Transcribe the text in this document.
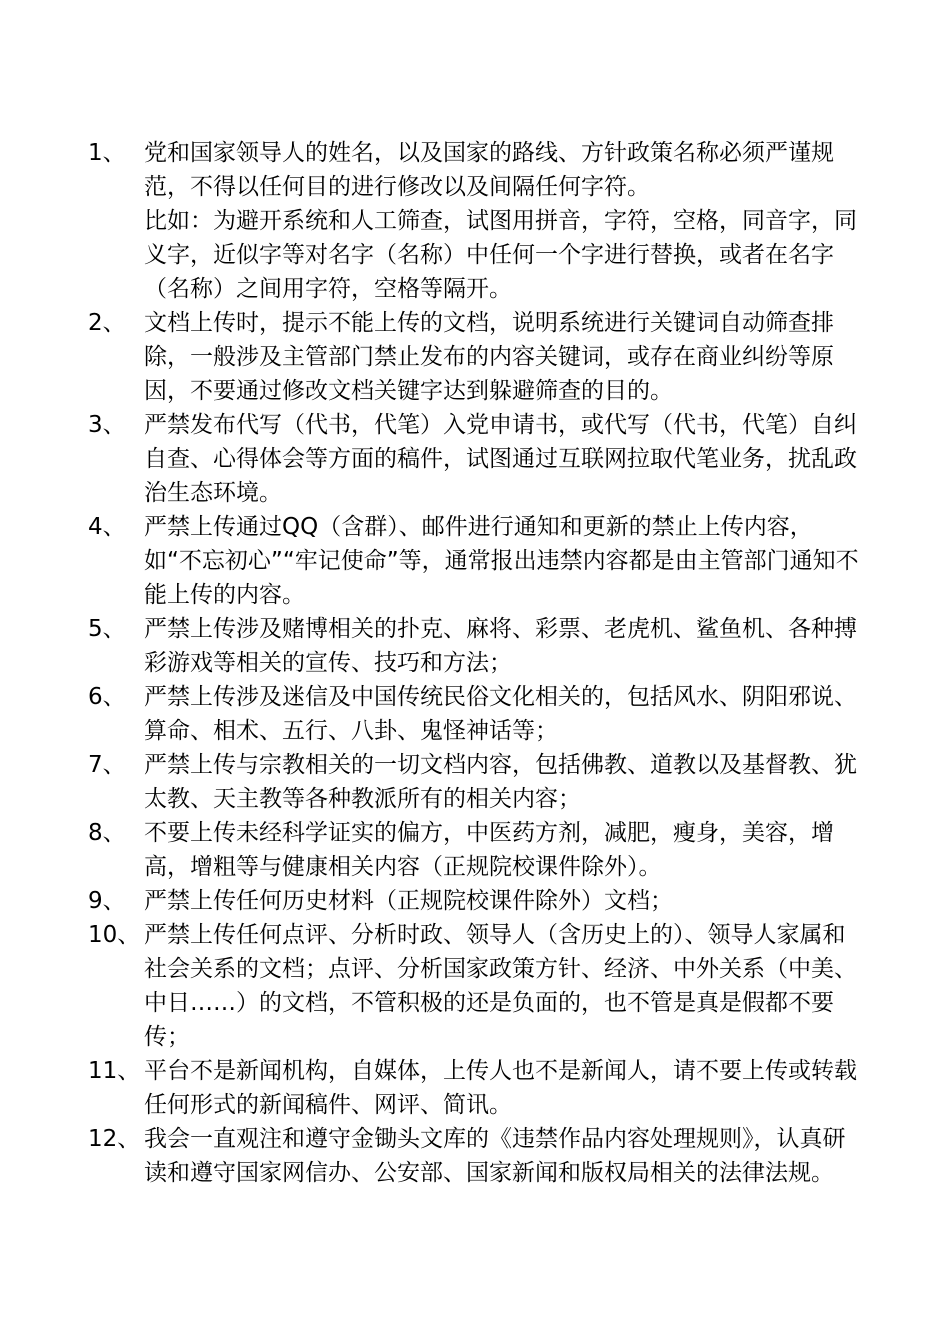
1、 党和国家领导人的姓名，以及国家的路线、方针政策名称必须严谨规范，不得以任何目的进行修改以及间隔任何字符。

比如：为避开系统和人工筛查，试图用拼音，字符，空格，同音字，同义字，近似字等对名字（名称）中任何一个字进行替换，或者在名字（名称）之间用字符，空格等隔开。

2、 文档上传时，提示不能上传的文档，说明系统进行关键词自动筛查排除，一般涉及主管部门禁止发布的内容关键词，或存在商业纠纷等原因，不要通过修改文档关键字达到躲避筛查的目的。

3、 严禁发布代写（代书，代笔）入党申请书，或代写（代书，代笔）自纠自查、心得体会等方面的稿件，试图通过互联网拉取代笔业务，扰乱政治生态环境。

4、 严禁上传通过QQ（含群）、邮件进行通知和更新的禁止上传内容，如“不忘初心”“牢记使命”等，通常报出违禁内容都是由主管部门通知不能上传的内容。

5、 严禁上传涉及赌博相关的扑克、麻将、彩票、老虎机、鲨鱼机、各种搏彩游戏等相关的宣传、技巧和方法；

6、 严禁上传涉及迷信及中国传统民俗文化相关的，包括风水、阴阳邪说、算命、相术、五行、八卦、鬼怪神话等；

7、 严禁上传与宗教相关的一切文档内容，包括佛教、道教以及基督教、犹太教、天主教等各种教派所有的相关内容；

8、 不要上传未经科学证实的偏方，中医药方剂，减肥，瘦身，美容，增高，增粗等与健康相关内容（正规院校课件除外）。

9、 严禁上传任何历史材料（正规院校课件除外）文档；

10、 严禁上传任何点评、分析时政、领导人（含历史上的）、领导人家属和社会关系的文档；点评、分析国家政策方针、经济、中外关系（中美、中日……）的文档，不管积极的还是负面的，也不管是真是假都不要传；

11、 平台不是新闻机构，自媒体，上传人也不是新闻人，请不要上传或转载任何形式的新闻稿件、网评、简讯。

12、 我会一直观注和遵守金锄头文库的《违禁作品内容处理规则》，认真研读和遵守国家网信办、公安部、国家新闻和版权局相关的法律法规。
